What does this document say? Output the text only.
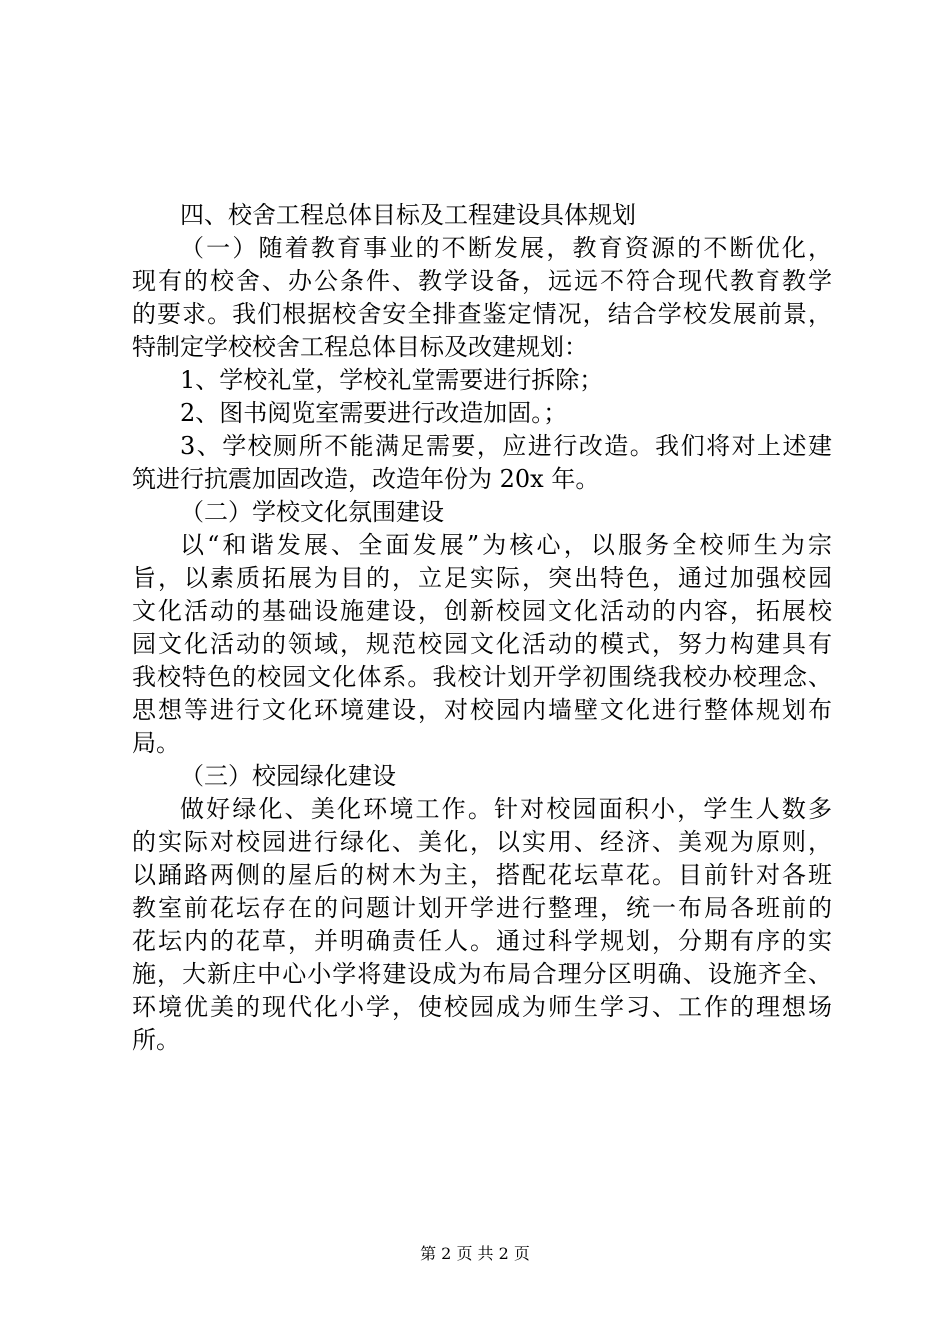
四、校舍工程总体目标及工程建设具体规划
（一）随着教育事业的不断发展，教育资源的不断优化，
现有的校舍、办公条件、教学设备，远远不符合现代教育教学
的要求。我们根据校舍安全排查鉴定情况，结合学校发展前景，
特制定学校校舍工程总体目标及改建规划：
1、学校礼堂，学校礼堂需要进行拆除；
2、图书阅览室需要进行改造加固。；
3、学校厕所不能满足需要，应进行改造。我们将对上述建
筑进行抗震加固改造，改造年份为 20x 年。
（二）学校文化氛围建设
以“和谐发展、全面发展”为核心，以服务全校师生为宗
旨，以素质拓展为目的，立足实际，突出特色，通过加强校园
文化活动的基础设施建设，创新校园文化活动的内容，拓展校
园文化活动的领域，规范校园文化活动的模式，努力构建具有
我校特色的校园文化体系。我校计划开学初围绕我校办校理念、
思想等进行文化环境建设，对校园内墙壁文化进行整体规划布
局。
（三）校园绿化建设
做好绿化、美化环境工作。针对校园面积小，学生人数多
的实际对校园进行绿化、美化，以实用、经济、美观为原则，
以踊路两侧的屋后的树木为主，搭配花坛草花。目前针对各班
教室前花坛存在的问题计划开学进行整理，统一布局各班前的
花坛内的花草，并明确责任人。通过科学规划，分期有序的实
施，大新庄中心小学将建设成为布局合理分区明确、设施齐全、
环境优美的现代化小学，使校园成为师生学习、工作的理想场
所。
第 2 页 共 2 页
